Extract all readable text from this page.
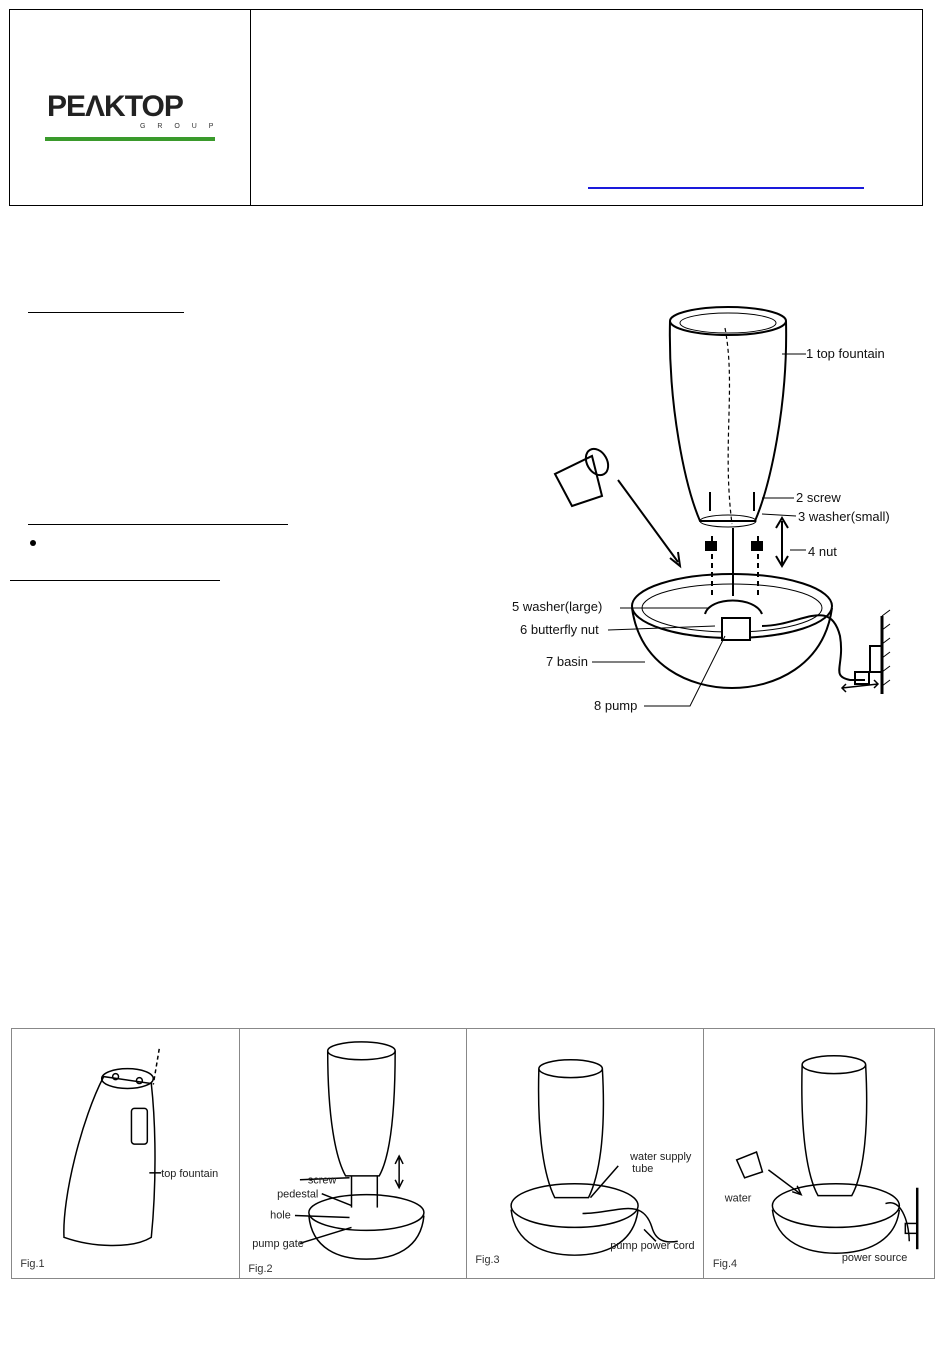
PEΛKTOP
G R O U P
1 top fountain
2 screw
3 washer(small)
4 nut
5 washer(large)
6 butterfly nut
7 basin
8 pump
top fountain
Fig.1
screw
pedestal
hole
pump gate
Fig.2
water supply
tube
pump power cord
Fig.3
water
power source
Fig.4
